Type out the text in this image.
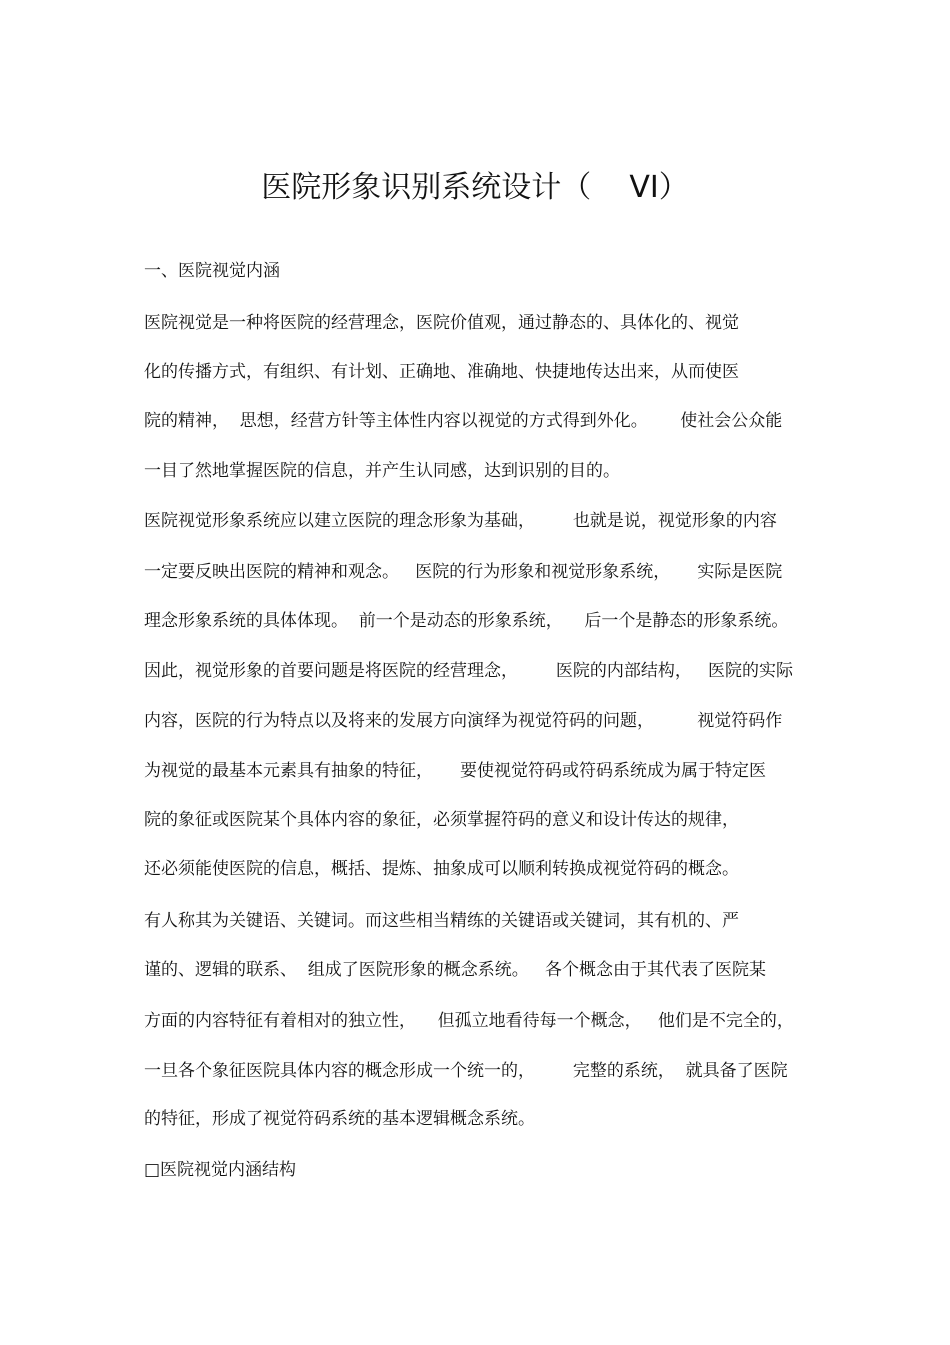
医院形象识别系统设计（    VI）
一、医院视觉内涵
医院视觉是一种将医院的经营理念，医院价值观，通过静态的、具体化的、视觉
化的传播方式，有组织、有计划、正确地、准确地、快捷地传达出来，从而使医
院的精神，  思想，经营方针等主体性内容以视觉的方式得到外化。      使社会公众能
一目了然地掌握医院的信息，并产生认同感，达到识别的目的。
医院视觉形象系统应以建立医院的理念形象为基础，       也就是说，视觉形象的内容
一定要反映出医院的精神和观念。   医院的行为形象和视觉形象系统，     实际是医院
理念形象系统的具体体现。  前一个是动态的形象系统，    后一个是静态的形象系统。
因此，视觉形象的首要问题是将医院的经营理念，       医院的内部结构，   医院的实际
内容，医院的行为特点以及将来的发展方向演绎为视觉符码的问题，        视觉符码作
为视觉的最基本元素具有抽象的特征，     要使视觉符码或符码系统成为属于特定医
院的象征或医院某个具体内容的象征，必须掌握符码的意义和设计传达的规律，
还必须能使医院的信息，概括、提炼、抽象成可以顺利转换成视觉符码的概念。
有人称其为关键语、关键词。而这些相当精练的关键语或关键词，其有机的、严
谨的、逻辑的联系、  组成了医院形象的概念系统。   各个概念由于其代表了医院某
方面的内容特征有着相对的独立性，    但孤立地看待每一个概念，   他们是不完全的，
一旦各个象征医院具体内容的概念形成一个统一的，       完整的系统，  就具备了医院
的特征，形成了视觉符码系统的基本逻辑概念系统。
□医院视觉内涵结构
